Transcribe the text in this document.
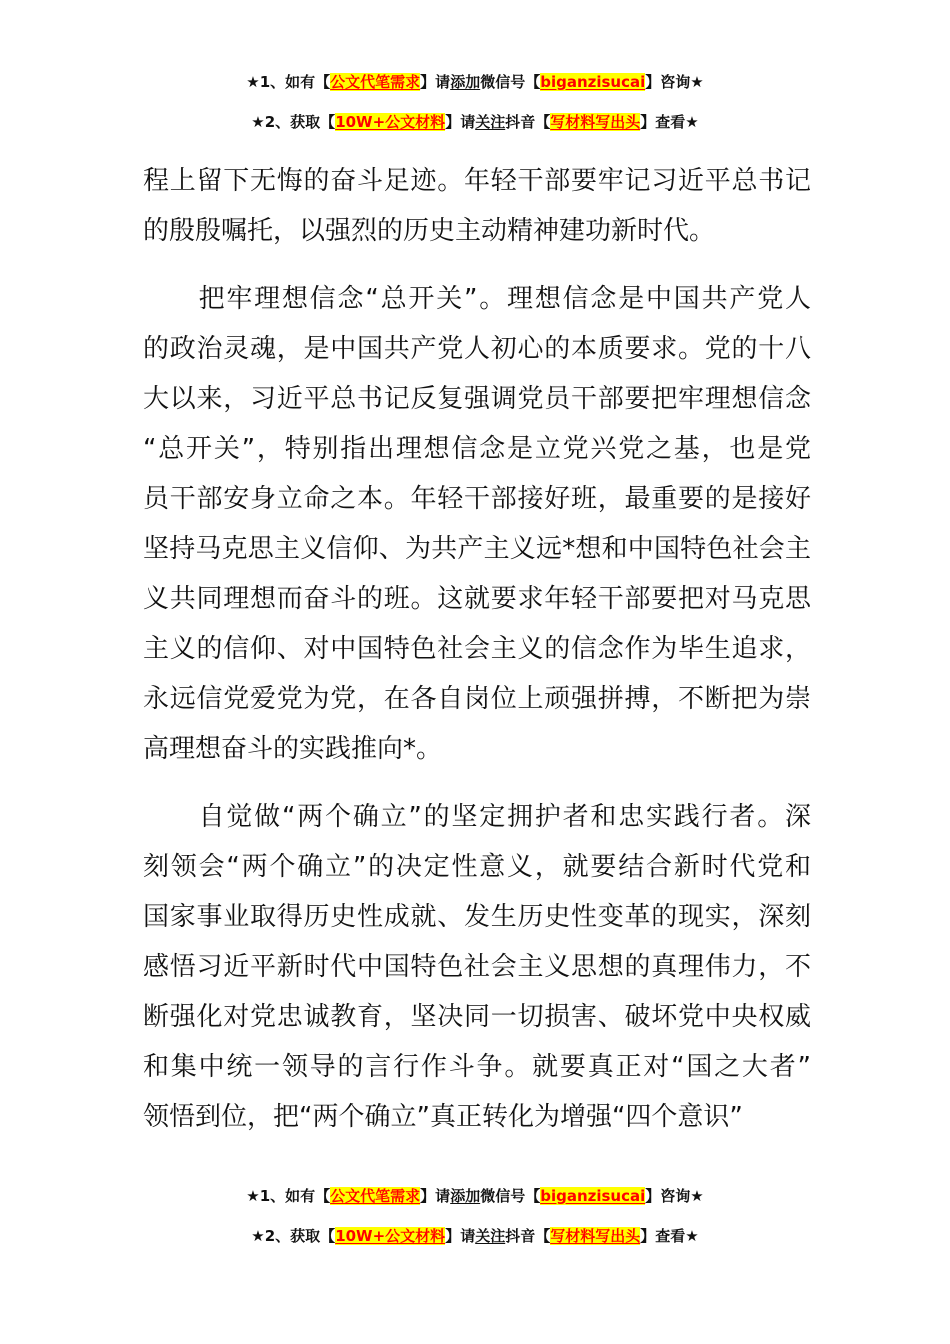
★1、如有【公文代笔需求】请添加微信号【biganzisucai】咨询★
★2、获取【10W+公文材料】请关注抖音【写材料写出头】查看★
程上留下无悔的奋斗足迹。年轻干部要牢记习近平总书记
的殷殷嘱托，以强烈的历史主动精神建功新时代。
　　把牢理想信念“总开关”。理想信念是中国共产党人
的政治灵魂，是中国共产党人初心的本质要求。党的十八
大以来，习近平总书记反复强调党员干部要把牢理想信念
“总开关”，特别指出理想信念是立党兴党之基，也是党
员干部安身立命之本。年轻干部接好班，最重要的是接好
坚持马克思主义信仰、为共产主义远*想和中国特色社会主
义共同理想而奋斗的班。这就要求年轻干部要把对马克思
主义的信仰、对中国特色社会主义的信念作为毕生追求，
永远信党爱党为党，在各自岗位上顽强拼搏，不断把为崇
高理想奋斗的实践推向*。
　　自觉做“两个确立”的坚定拥护者和忠实践行者。深
刻领会“两个确立”的决定性意义，就要结合新时代党和
国家事业取得历史性成就、发生历史性变革的现实，深刻
感悟习近平新时代中国特色社会主义思想的真理伟力，不
断强化对党忠诚教育，坚决同一切损害、破坏党中央权威
和集中统一领导的言行作斗争。就要真正对“国之大者”
领悟到位，把“两个确立”真正转化为增强“四个意识”
★1、如有【公文代笔需求】请添加微信号【biganzisucai】咨询★
★2、获取【10W+公文材料】请关注抖音【写材料写出头】查看★
